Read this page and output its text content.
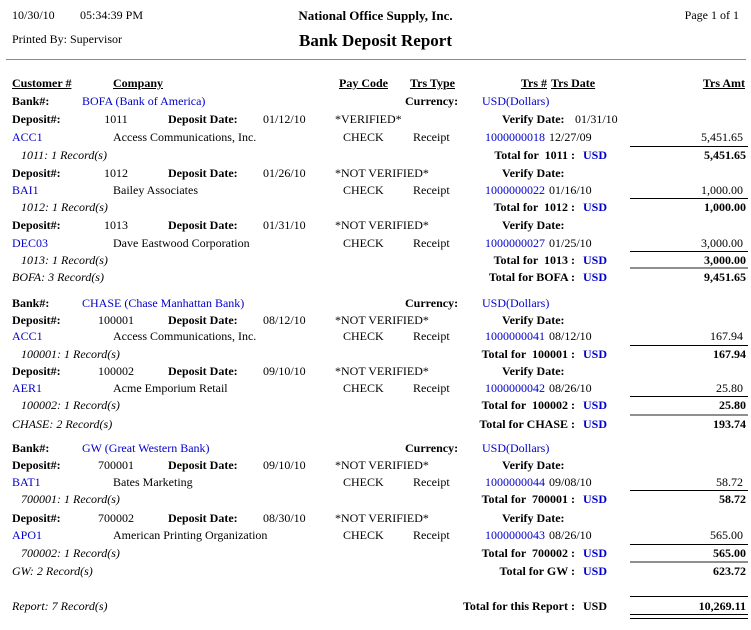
10/30/10 05:34:39 PM	National Office Supply, Inc.	Page 1 of 1
Printed By: Supervisor	Bank Deposit Report
Customer #	Company	Pay Code Trs Type	Trs # Trs Date	Trs Amt
Bank#:	BOFA (Bank of America)	Currency: USD(Dollars)
Deposit#:	1011	Deposit Date: 01/12/10 *VERIFIED*	Verify Date: 01/31/10
ACC1	Access Communications, Inc.	CHECK Receipt	1000000018 12/27/09	5,451.65
1011: 1 Record(s)	Total for  1011 : USD	5,451.65
Deposit#:	1012	Deposit Date: 01/26/10 *NOT VERIFIED*	Verify Date:
BAI1	Bailey Associates	CHECK Receipt	1000000022 01/16/10	1,000.00
1012: 1 Record(s)	Total for  1012 : USD	1,000.00
Deposit#:	1013	Deposit Date: 01/31/10 *NOT VERIFIED*	Verify Date:
DEC03	Dave Eastwood Corporation	CHECK Receipt	1000000027 01/25/10	3,000.00
1013: 1 Record(s)	Total for  1013 : USD	3,000.00
BOFA: 3 Record(s)	Total for BOFA : USD	9,451.65
Bank#:	CHASE (Chase Manhattan Bank)	Currency: USD(Dollars)
Deposit#:	100001	Deposit Date: 08/12/10 *NOT VERIFIED*	Verify Date:
ACC1	Access Communications, Inc.	CHECK Receipt	1000000041 08/12/10	167.94
100001: 1 Record(s)	Total for  100001 : USD	167.94
Deposit#:	100002	Deposit Date: 09/10/10 *NOT VERIFIED*	Verify Date:
AER1	Acme Emporium Retail	CHECK Receipt	1000000042 08/26/10	25.80
100002: 1 Record(s)	Total for  100002 : USD	25.80
CHASE: 2 Record(s)	Total for CHASE : USD	193.74
Bank#:	GW (Great Western Bank)	Currency: USD(Dollars)
Deposit#:	700001	Deposit Date: 09/10/10 *NOT VERIFIED*	Verify Date:
BAT1	Bates Marketing	CHECK Receipt	1000000044 09/08/10	58.72
700001: 1 Record(s)	Total for  700001 : USD	58.72
Deposit#:	700002	Deposit Date: 08/30/10 *NOT VERIFIED*	Verify Date:
APO1	American Printing Organization	CHECK Receipt	1000000043 08/26/10	565.00
700002: 1 Record(s)	Total for  700002 : USD	565.00
GW: 2 Record(s)	Total for GW : USD	623.72
Report: 7 Record(s)	Total for this Report : USD	10,269.11
